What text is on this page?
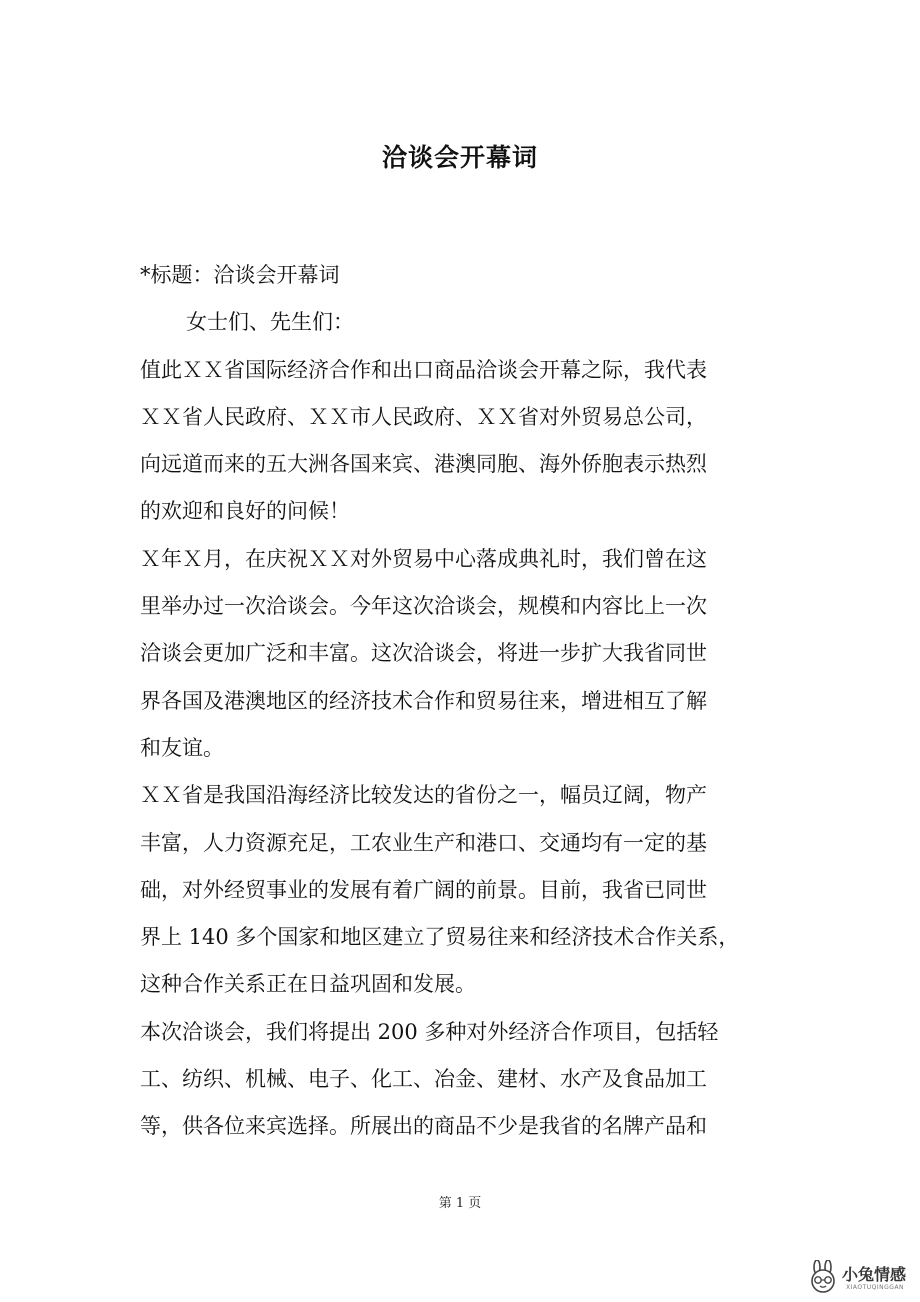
洽谈会开幕词
*标题：洽谈会开幕词
女士们、先生们：
值此ＸＸ省国际经济合作和出口商品洽谈会开幕之际，我代表
ＸＸ省人民政府、ＸＸ市人民政府、ＸＸ省对外贸易总公司，
向远道而来的五大洲各国来宾、港澳同胞、海外侨胞表示热烈
的欢迎和良好的问候！
Ｘ年Ｘ月，在庆祝ＸＸ对外贸易中心落成典礼时，我们曾在这
里举办过一次洽谈会。今年这次洽谈会，规模和内容比上一次
洽谈会更加广泛和丰富。这次洽谈会，将进一步扩大我省同世
界各国及港澳地区的经济技术合作和贸易往来，增进相互了解
和友谊。
ＸＸ省是我国沿海经济比较发达的省份之一，幅员辽阔，物产
丰富，人力资源充足，工农业生产和港口、交通均有一定的基
础，对外经贸事业的发展有着广阔的前景。目前，我省已同世
界上 140 多个国家和地区建立了贸易往来和经济技术合作关系，
这种合作关系正在日益巩固和发展。
本次洽谈会，我们将提出 200 多种对外经济合作项目，包括轻
工、纺织、机械、电子、化工、冶金、建材、水产及食品加工
等，供各位来宾选择。所展出的商品不少是我省的名牌产品和
第 1 页
小兔情感
XIAOTUQINGGAN
